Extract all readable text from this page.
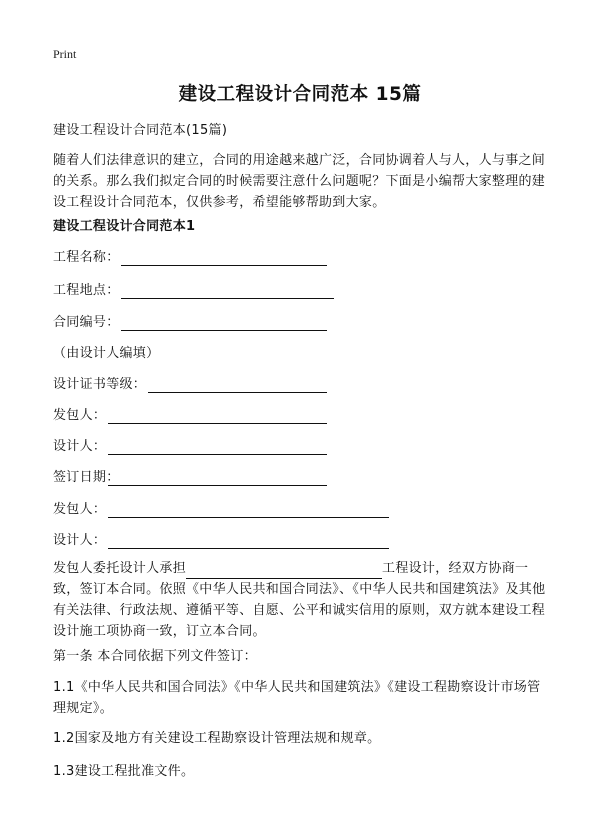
Print
建设工程设计合同范本 15篇

建设工程设计合同范本(15篇)

随着人们法律意识的建立，合同的用途越来越广泛，合同协调着人与人，人与事之间的关系。那么我们拟定合同的时候需要注意什么问题呢？下面是小编帮大家整理的建设工程设计合同范本，仅供参考，希望能够帮助到大家。

建设工程设计合同范本1

工程名称：
工程地点：
合同编号：
（由设计人编填）
设计证书等级：
发包人：
设计人：
签订日期：
发包人：
设计人：

发包人委托设计人承担	工程设计，经双方协商一致，签订本合同。依照《中华人民共和国合同法》、《中华人民共和国建筑法》及其他有关法律、行政法规、遵循平等、自愿、公平和诚实信用的原则，双方就本建设工程设计施工项协商一致，订立本合同。

第一条 本合同依据下列文件签订：

1.1《中华人民共和国合同法》《中华人民共和国建筑法》《建设工程勘察设计市场管理规定》。

1.2国家及地方有关建设工程勘察设计管理法规和规章。

1.3建设工程批准文件。
